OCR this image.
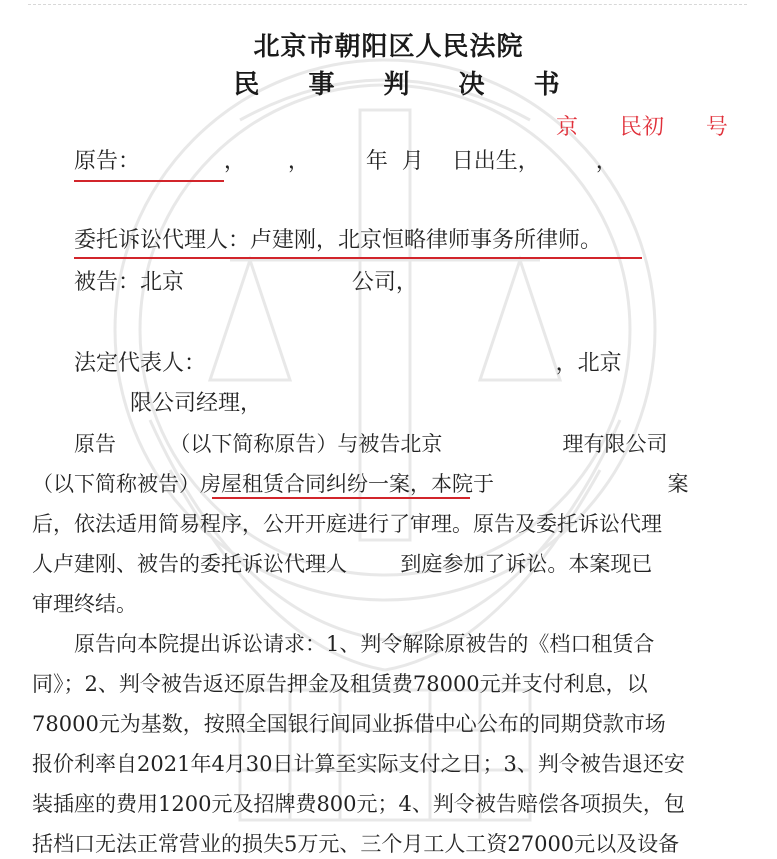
北京市朝阳区人民法院
民 事 判 决 书
京      民初      号
原告：            ，      ，        年  月    日出生，        ，
委托诉讼代理人：卢建刚，北京恒略律师事务所律师。
被告：北京                        公司，
法定代表人：                                                  ，北京
限公司经理，
原告        （以下简称原告）与被告北京                  理有限公司
（以下简称被告）房屋租赁合同纠纷一案，本院于                          案
后，依法适用简易程序，公开开庭进行了审理。原告及委托诉讼代理
人卢建刚、被告的委托诉讼代理人        到庭参加了诉讼。本案现已
审理终结。
原告向本院提出诉讼请求：1、判令解除原被告的《档口租赁合
同》；2、判令被告返还原告押金及租赁费78000元并支付利息，以
78000元为基数，按照全国银行间同业拆借中心公布的同期贷款市场
报价利率自2021年4月30日计算至实际支付之日；3、判令被告退还安
装插座的费用1200元及招牌费800元；4、判令被告赔偿各项损失，包
括档口无法正常营业的损失5万元、三个月工人工资27000元以及设备
